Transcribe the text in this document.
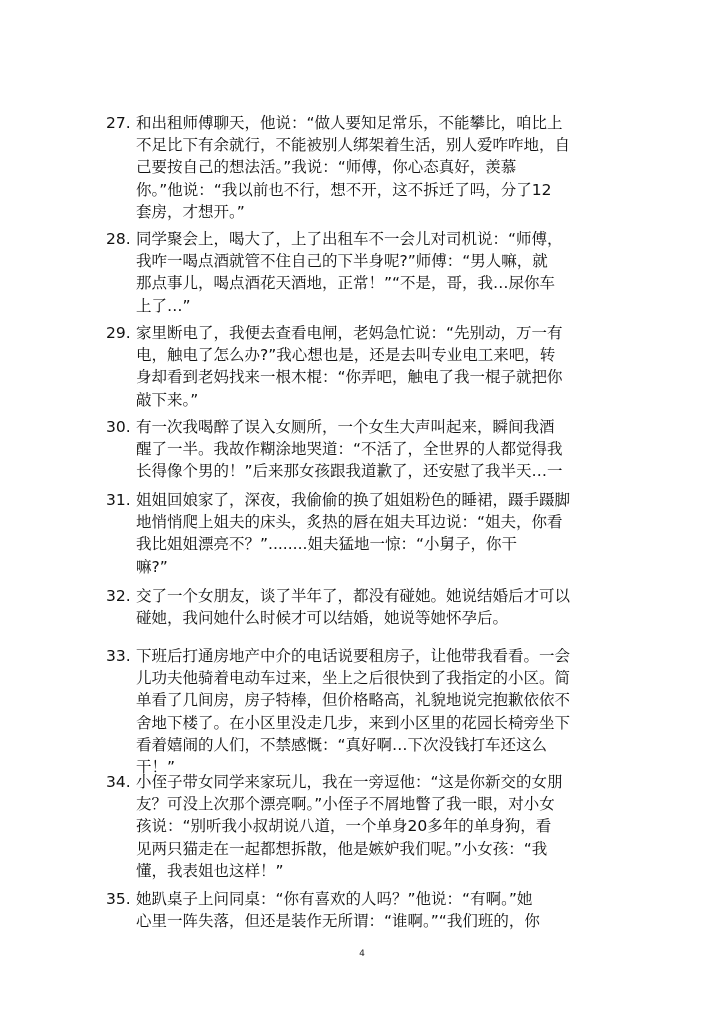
27. 和出租师傅聊天，他说：“做人要知足常乐，不能攀比，咱比上
不足比下有余就行，不能被别人绑架着生活，别人爱咋咋地，自
己要按自己的想法活。”我说：“师傅，你心态真好，羡慕
你。”他说：“我以前也不行，想不开，这不拆迁了吗，分了12
套房，才想开。”
28. 同学聚会上，喝大了，上了出租车不一会儿对司机说：“师傅，
我咋一喝点酒就管不住自己的下半身呢?”师傅：“男人嘛，就
那点事儿，喝点酒花天酒地，正常！”“不是，哥，我…尿你车
上了…”
29. 家里断电了，我便去查看电闸，老妈急忙说：“先别动，万一有
电，触电了怎么办?”我心想也是，还是去叫专业电工来吧，转
身却看到老妈找来一根木棍：“你弄吧，触电了我一棍子就把你
敲下来。”
30. 有一次我喝醉了误入女厕所，一个女生大声叫起来，瞬间我酒
醒了一半。我故作糊涂地哭道：“不活了，全世界的人都觉得我
长得像个男的！”后来那女孩跟我道歉了，还安慰了我半天…一
31. 姐姐回娘家了，深夜，我偷偷的换了姐姐粉色的睡裙，蹑手蹑脚
地悄悄爬上姐夫的床头，炙热的唇在姐夫耳边说：“姐夫，你看
我比姐姐漂亮不？”........姐夫猛地一惊：“小舅子，你干
嘛?”
32. 交了一个女朋友，谈了半年了，都没有碰她。她说结婚后才可以
碰她，我问她什么时候才可以结婚，她说等她怀孕后。
33. 下班后打通房地产中介的电话说要租房子，让他带我看看。一会
儿功夫他骑着电动车过来，坐上之后很快到了我指定的小区。简
单看了几间房，房子特棒，但价格略高，礼貌地说完抱歉依依不
舍地下楼了。在小区里没走几步，来到小区里的花园长椅旁坐下
看着嬉闹的人们，不禁感慨：“真好啊…下次没钱打车还这么
干！”
34. 小侄子带女同学来家玩儿，我在一旁逗他：“这是你新交的女朋
友？可没上次那个漂亮啊。”小侄子不屑地瞥了我一眼，对小女
孩说：“别听我小叔胡说八道，一个单身20多年的单身狗，看
见两只猫走在一起都想拆散，他是嫉妒我们呢。”小女孩：“我
懂，我表姐也这样！”
35. 她趴桌子上问同桌：“你有喜欢的人吗？”他说：“有啊。”她
心里一阵失落，但还是装作无所谓：“谁啊。”“我们班的，你
4
